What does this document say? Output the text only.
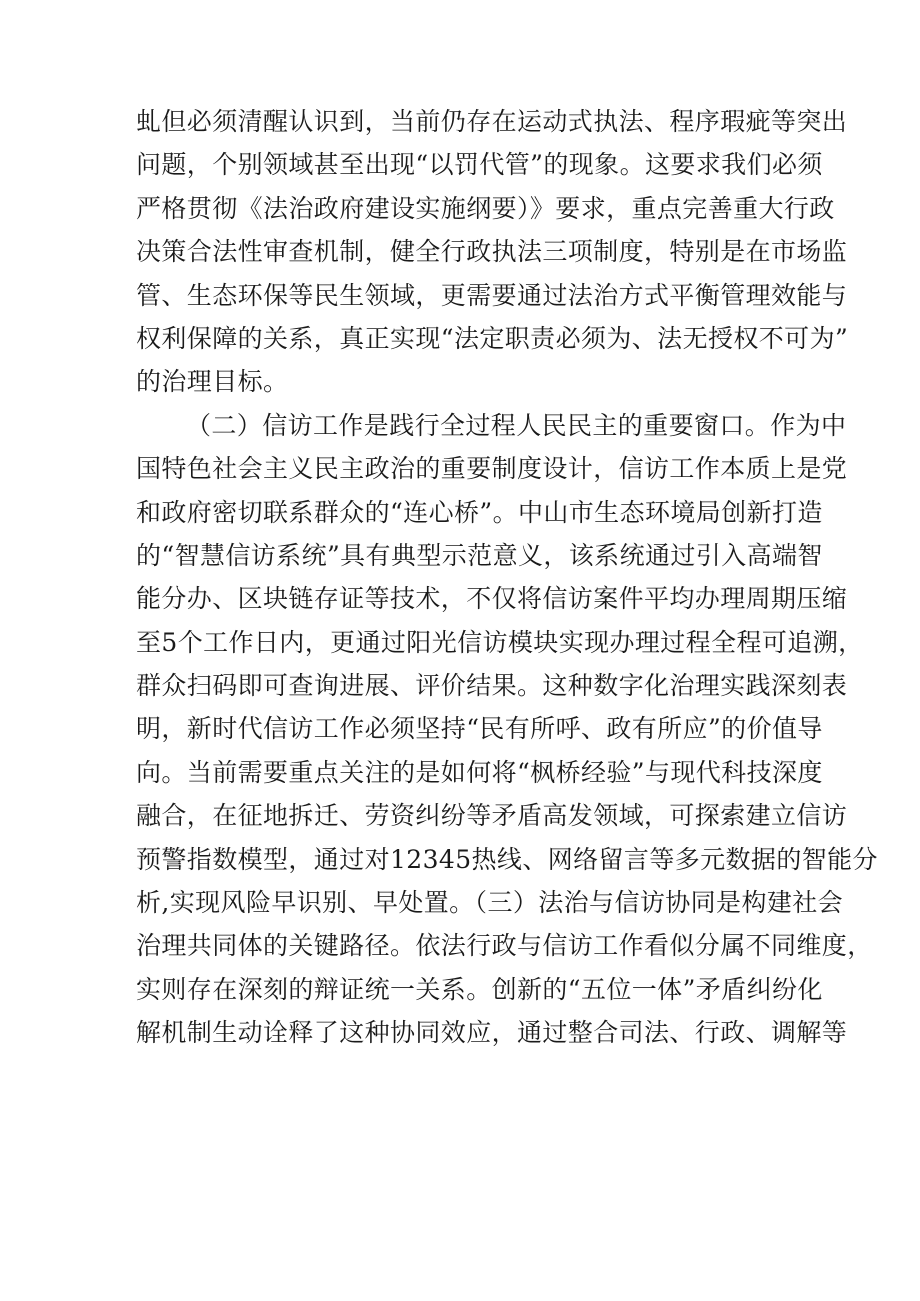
虬但必须清醒认识到，当前仍存在运动式执法、程序瑕疵等突出
问题，个别领域甚至出现“以罚代管”的现象。这要求我们必须
严格贯彻《法治政府建设实施纲要）》要求，重点完善重大行政
决策合法性审查机制，健全行政执法三项制度，特别是在市场监
管、生态环保等民生领域，更需要通过法治方式平衡管理效能与
权利保障的关系，真正实现“法定职责必须为、法无授权不可为”
的治理目标。
（二）信访工作是践行全过程人民民主的重要窗口。作为中
国特色社会主义民主政治的重要制度设计，信访工作本质上是党
和政府密切联系群众的“连心桥”。中山市生态环境局创新打造
的“智慧信访系统”具有典型示范意义，该系统通过引入高端智
能分办、区块链存证等技术，不仅将信访案件平均办理周期压缩
至5个工作日内，更通过阳光信访模块实现办理过程全程可追溯，
群众扫码即可查询进展、评价结果。这种数字化治理实践深刻表
明，新时代信访工作必须坚持“民有所呼、政有所应”的价值导
向。当前需要重点关注的是如何将“枫桥经验”与现代科技深度
融合，在征地拆迁、劳资纠纷等矛盾高发领域，可探索建立信访
预警指数模型，通过对12345热线、网络留言等多元数据的智能分
析,实现风险早识别、早处置。（三）法治与信访协同是构建社会
治理共同体的关键路径。依法行政与信访工作看似分属不同维度，
实则存在深刻的辩证统一关系。创新的“五位一体”矛盾纠纷化
解机制生动诠释了这种协同效应，通过整合司法、行政、调解等
